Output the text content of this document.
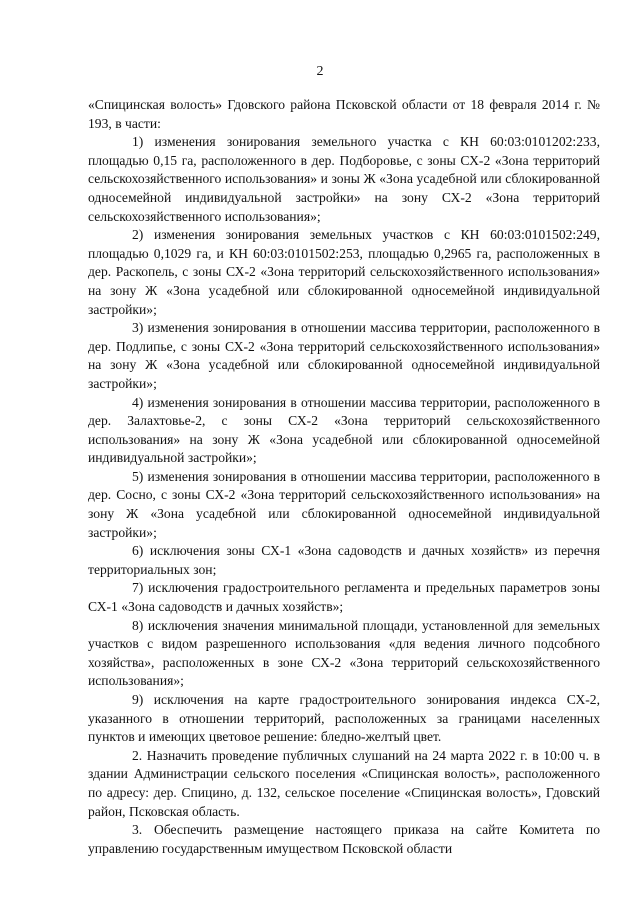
2

«Спицинская волость» Гдовского района Псковской области от 18 февраля 2014 г. № 193, в части:

1) изменения зонирования земельного участка с КН 60:03:0101202:233, площадью 0,15 га, расположенного в дер. Подборовье, с зоны СХ-2 «Зона территорий сельскохозяйственного использования» и зоны Ж «Зона усадебной или сблокированной односемейной индивидуальной застройки» на зону СХ-2 «Зона территорий сельскохозяйственного использования»;

2) изменения зонирования земельных участков с КН 60:03:0101502:249, площадью 0,1029 га, и КН 60:03:0101502:253, площадью 0,2965 га, расположенных в дер. Раскопель, с зоны СХ-2 «Зона территорий сельскохозяйственного использования» на зону Ж «Зона усадебной или сблокированной односемейной индивидуальной застройки»;

3) изменения зонирования в отношении массива территории, расположенного в дер. Подлипье, с зоны СХ-2 «Зона территорий сельскохозяйственного использования» на зону Ж «Зона усадебной или сблокированной односемейной индивидуальной застройки»;

4) изменения зонирования в отношении массива территории, расположенного в дер. Залахтовье-2, с зоны СХ-2 «Зона территорий сельскохозяйственного использования» на зону Ж «Зона усадебной или сблокированной односемейной индивидуальной застройки»;

5) изменения зонирования в отношении массива территории, расположенного в дер. Сосно, с зоны СХ-2 «Зона территорий сельскохозяйственного использования» на зону Ж «Зона усадебной или сблокированной односемейной индивидуальной застройки»;

6) исключения зоны СХ-1 «Зона садоводств и дачных хозяйств» из перечня территориальных зон;

7) исключения градостроительного регламента и предельных параметров зоны СХ-1 «Зона садоводств и дачных хозяйств»;

8) исключения значения минимальной площади, установленной для земельных участков с видом разрешенного использования «для ведения личного подсобного хозяйства», расположенных в зоне СХ-2 «Зона территорий сельскохозяйственного использования»;

9) исключения на карте градостроительного зонирования индекса СХ-2, указанного в отношении территорий, расположенных за границами населенных пунктов и имеющих цветовое решение: бледно-желтый цвет.

2. Назначить проведение публичных слушаний на 24 марта 2022 г. в 10:00 ч. в здании Администрации сельского поселения «Спицинская волость», расположенного по адресу: дер. Спицино, д. 132, сельское поселение «Спицинская волость», Гдовский район, Псковская область.

3. Обеспечить размещение настоящего приказа на сайте Комитета по управлению государственным имуществом Псковской области
